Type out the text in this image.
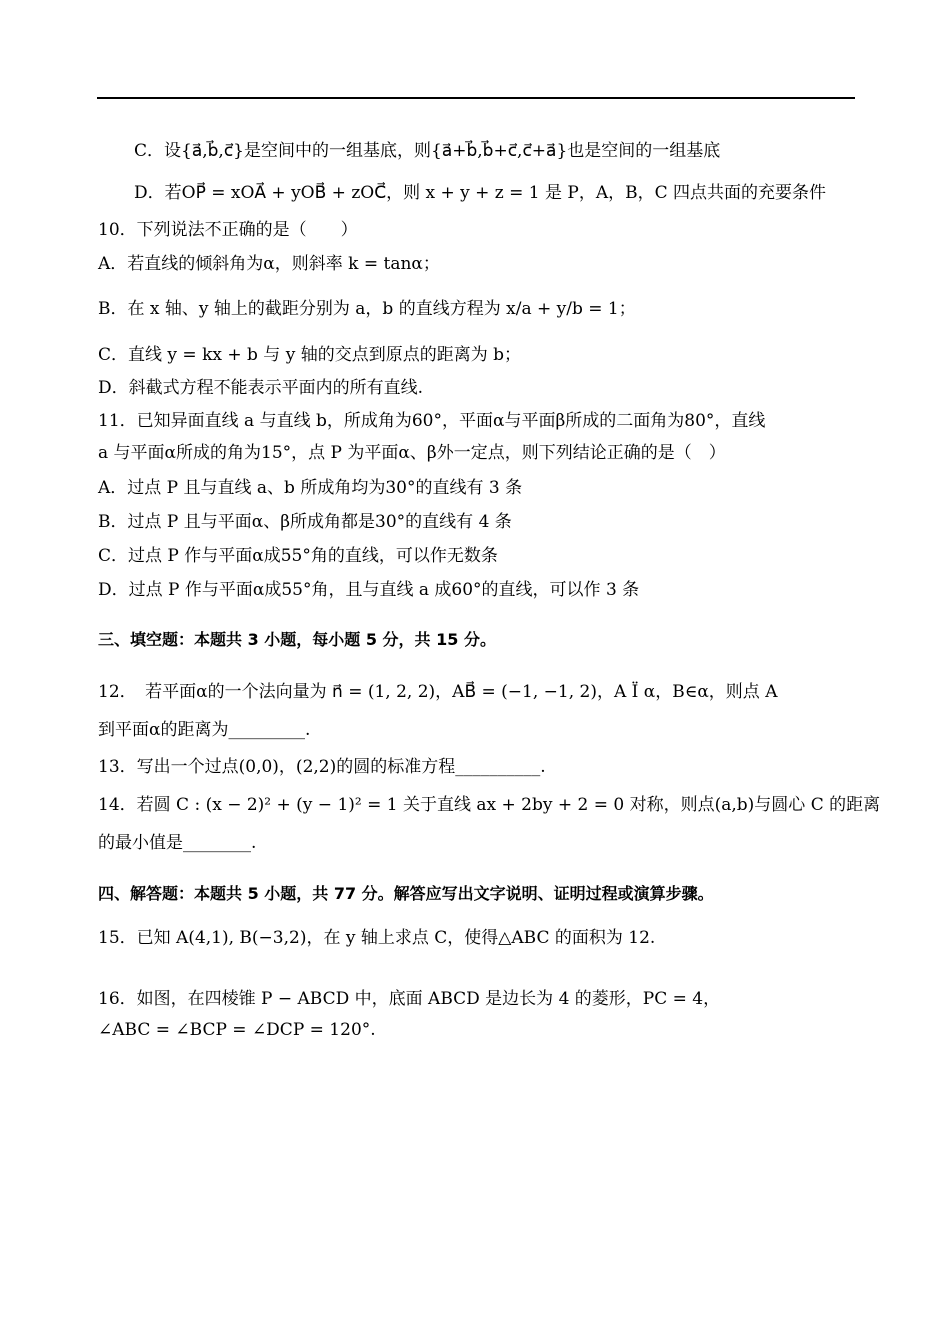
C．设{a⃗,b⃗,c⃗}是空间中的一组基底，则{a⃗+b⃗,b⃗+c⃗,c⃗+a⃗}也是空间的一组基底
D．若OP⃗ = xOA⃗ + yOB⃗ + zOC⃗，则 x + y + z = 1 是 P，A，B，C 四点共面的充要条件
10．下列说法不正确的是（　　）
A．若直线的倾斜角为α，则斜率 k = tanα；
B．在 x 轴、y 轴上的截距分别为 a，b 的直线方程为 x/a + y/b = 1；
C．直线 y = kx + b 与 y 轴的交点到原点的距离为 b；
D．斜截式方程不能表示平面内的所有直线.
11．已知异面直线 a 与直线 b，所成角为60°，平面α与平面β所成的二面角为80°，直线
a 与平面α所成的角为15°，点 P 为平面α、β外一定点，则下列结论正确的是（　）
A．过点 P 且与直线 a、b 所成角均为30°的直线有 3 条
B．过点 P 且与平面α、β所成角都是30°的直线有 4 条
C．过点 P 作与平面α成55°角的直线，可以作无数条
D．过点 P 作与平面α成55°角，且与直线 a 成60°的直线，可以作 3 条
三、填空题：本题共 3 小题，每小题 5 分，共 15 分。
12．　若平面α的一个法向量为 n⃗ = (1, 2, 2)，AB⃗ = (−1, −1, 2)，A Ï α，B∈α，则点 A
到平面α的距离为_________.
13．写出一个过点(0,0)，(2,2)的圆的标准方程__________.
14．若圆 C : (x − 2)² + (y − 1)² = 1 关于直线 ax + 2by + 2 = 0 对称，则点(a,b)与圆心 C 的距离
的最小值是________.
四、解答题：本题共 5 小题，共 77 分。解答应写出文字说明、证明过程或演算步骤。
15．已知 A(4,1), B(−3,2)，在 y 轴上求点 C，使得△ABC 的面积为 12.
16．如图，在四棱锥 P − ABCD 中，底面 ABCD 是边长为 4 的菱形，PC = 4，
∠ABC = ∠BCP = ∠DCP = 120°.
